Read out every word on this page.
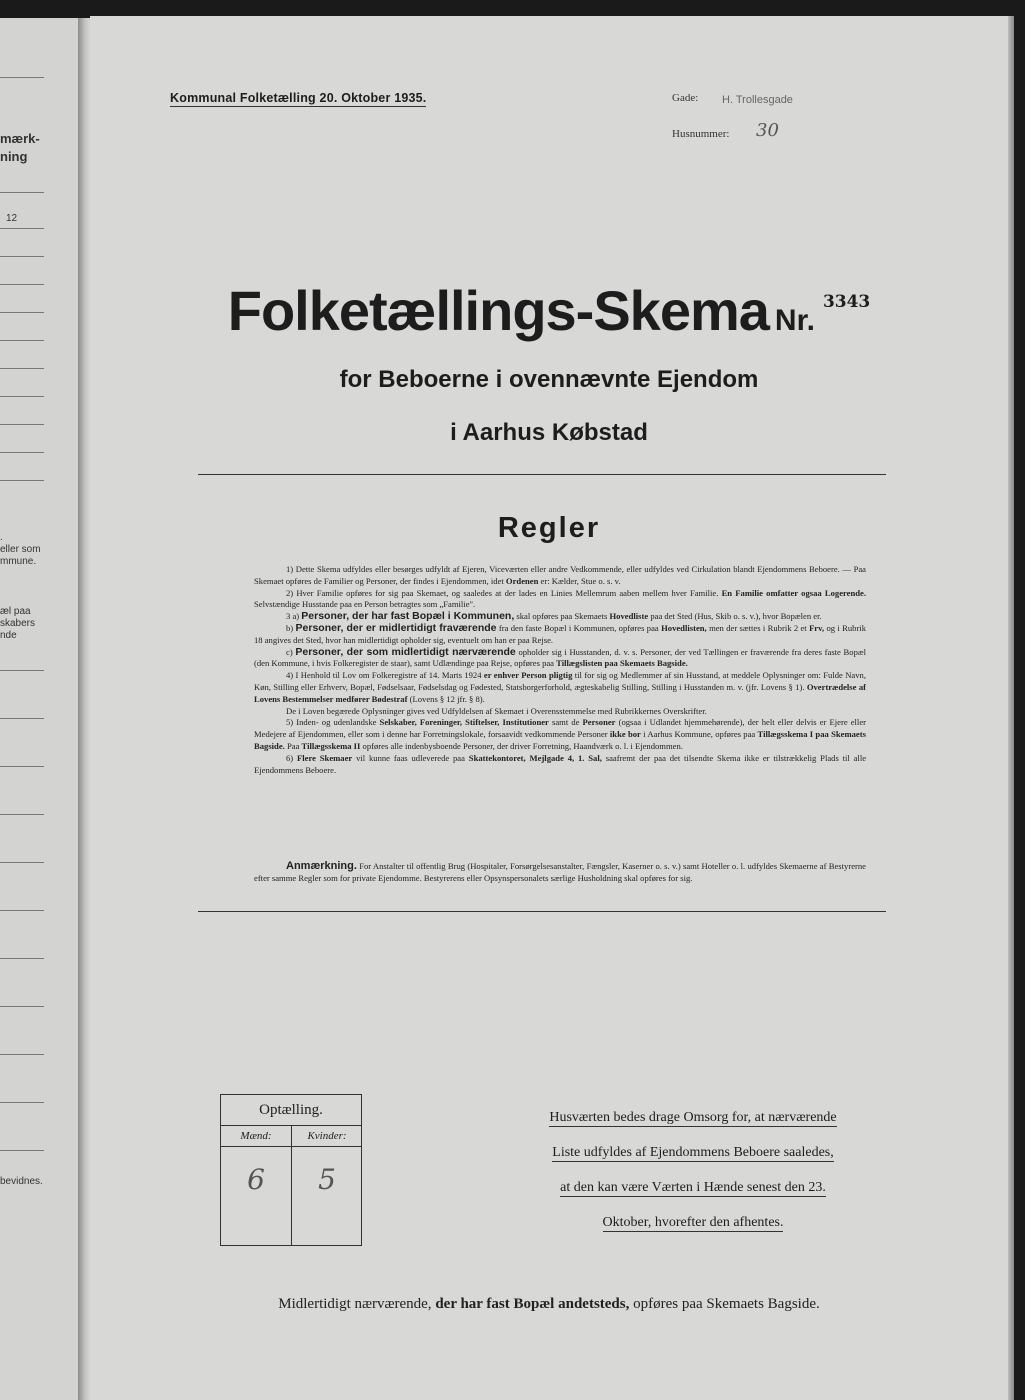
mærk-
ning
12
.
eller som
mmune.
æl paa
skabers
nde
bevidnes.
Kommunal Folketælling 20. Oktober 1935.	Gade: H. Trollesgade
Husnummer: 30
Folketællings-Skema Nr.$^{3343}$
for Beboerne i ovennævnte Ejendom
i Aarhus Købstad
Regler

1) Dette Skema udfyldes eller besørges udfyldt af Ejeren, Viceværten eller andre Vedkommende, eller udfyldes ved Cirkulation blandt Ejendommens Beboere. — Paa Skemaet opføres de Familier og Personer, der findes i Ejendommen, idet Ordenen er: Kælder, Stue o. s. v.

2) Hver Familie opføres for sig paa Skemaet, og saaledes at der lades en Linies Mellemrum aaben mellem hver Familie. En Familie omfatter ogsaa Logerende. Selvstændige Husstande paa en Person betragtes som „Familie".

3 a) Personer, der har fast Bopæl i Kommunen, skal opføres paa Skemaets Hovedliste paa det Sted (Hus, Skib o. s. v.), hvor Bopælen er.

b) Personer, der er midlertidigt fraværende fra den faste Bopæl i Kommunen, opføres paa Hovedlisten, men der sættes i Rubrik 2 et Frv, og i Rubrik 18 angives det Sted, hvor han midlertidigt opholder sig, eventuelt om han er paa Rejse.

c) Personer, der som midlertidigt nærværende opholder sig i Husstanden, d. v. s. Personer, der ved Tællingen er fraværende fra deres faste Bopæl (den Kommune, i hvis Folkeregister de staar), samt Udlændinge paa Rejse, opføres paa Tillægslisten paa Skemaets Bagside.

4) I Henhold til Lov om Folkeregistre af 14. Marts 1924 er enhver Person pligtig til for sig og Medlemmer af sin Husstand, at meddele Oplysninger om: Fulde Navn, Køn, Stilling eller Erhverv, Bopæl, Fødselsaar, Fødselsdag og Fødested, Statsborgerforhold, ægteskabelig Stilling, Stilling i Husstanden m. v. (jfr. Lovens § 1). Overtrædelse af Lovens Bestemmelser medfører Bødestraf (Lovens § 12 jfr. § 8).

De i Loven begærede Oplysninger gives ved Udfyldelsen af Skemaet i Overensstemmelse med Rubrikkernes Overskrifter.

5) Inden- og udenlandske Selskaber, Foreninger, Stiftelser, Institutioner samt de Personer (ogsaa i Udlandet hjemmehørende), der helt eller delvis er Ejere eller Medejere af Ejendommen, eller som i denne har Forretningslokale, forsaavidt vedkommende Personer ikke bor i Aarhus Kommune, opføres paa Tillægsskema I paa Skemaets Bagside. Paa Tillægsskema II opføres alle indenbysboende Personer, der driver Forretning, Haandværk o. l. i Ejendommen.

6) Flere Skemaer vil kunne faas udleverede paa Skattekontoret, Mejlgade 4, 1. Sal, saafremt der paa det tilsendte Skema ikke er tilstrækkelig Plads til alle Ejendommens Beboere.

Anmærkning. For Anstalter til offentlig Brug (Hospitaler, Forsørgelsesanstalter, Fængsler, Kaserner o. s. v.) samt Hoteller o. l. udfyldes Skemaerne af Bestyrerne efter samme Regler som for private Ejendomme. Bestyrerens eller Opsynspersonalets særlige Husholdning skal opføres for sig.

Optælling.
Mænd:
6
Kvinder:
5
Husværten bedes drage Omsorg for, at nærværende
Liste udfyldes af Ejendommens Beboere saaledes,
at den kan være Værten i Hænde senest den 23.
Oktober, hvorefter den afhentes.
Midlertidigt nærværende, der har fast Bopæl andetsteds, opføres paa Skemaets Bagside.
